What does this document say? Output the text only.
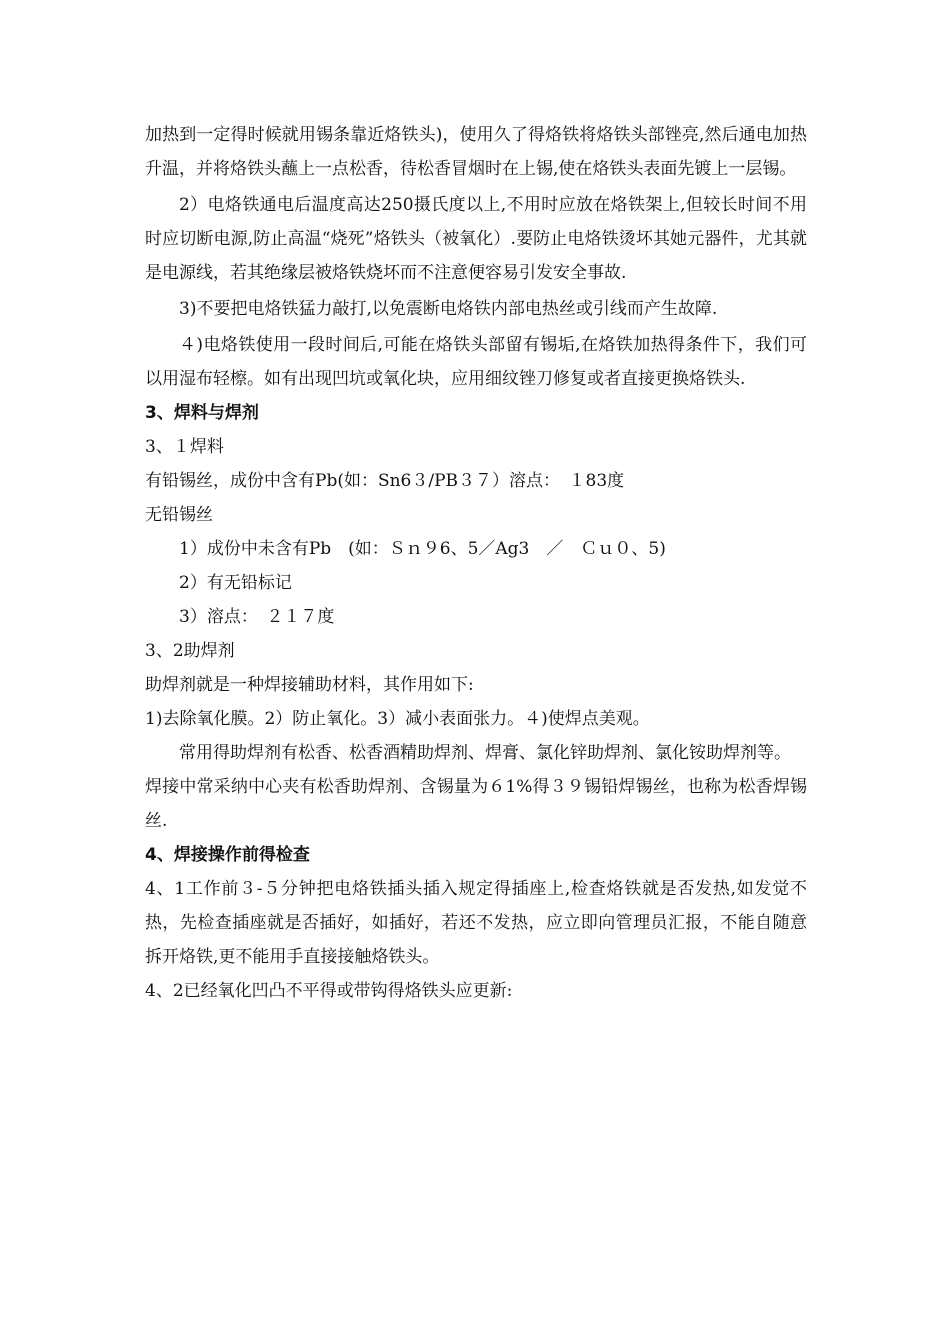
加热到一定得时候就用锡条靠近烙铁头)，使用久了得烙铁将烙铁头部锉亮,然后通电加热升温，并将烙铁头蘸上一点松香，待松香冒烟时在上锡,使在烙铁头表面先镀上一层锡。

2）电烙铁通电后温度高达250摄氏度以上,不用时应放在烙铁架上,但较长时间不用时应切断电源,防止高温“烧死”烙铁头（被氧化）.要防止电烙铁烫坏其她元器件，尤其就是电源线，若其绝缘层被烙铁烧坏而不注意便容易引发安全事故.

3)不要把电烙铁猛力敲打,以免震断电烙铁内部电热丝或引线而产生故障.

４)电烙铁使用一段时间后,可能在烙铁头部留有锡垢,在烙铁加热得条件下，我们可以用湿布轻檫。如有出现凹坑或氧化块，应用细纹锉刀修复或者直接更换烙铁头.

3、焊料与焊剂

3、１焊料

有铅锡丝，成份中含有Pb(如：Sn6３/PB３７）溶点：　１83度

无铅锡丝

1）成份中未含有Pb　(如：Ｓｎ９6、5／Ag3　／　Ｃｕ０、5)

2）有无铅标记

3）溶点：　２１７度

3、2助焊剂

助焊剂就是一种焊接辅助材料，其作用如下:

1)去除氧化膜。2）防止氧化。3）减小表面张力。４)使焊点美观。

常用得助焊剂有松香、松香酒精助焊剂、焊膏、氯化锌助焊剂、氯化铵助焊剂等。

焊接中常采纳中心夹有松香助焊剂、含锡量为６1%得３９锡铅焊锡丝，也称为松香焊锡丝.

4、焊接操作前得检查

4、1工作前３-５分钟把电烙铁插头插入规定得插座上,检查烙铁就是否发热,如发觉不热，先检查插座就是否插好，如插好，若还不发热，应立即向管理员汇报，不能自随意拆开烙铁,更不能用手直接接触烙铁头。

4、2已经氧化凹凸不平得或带钩得烙铁头应更新:
